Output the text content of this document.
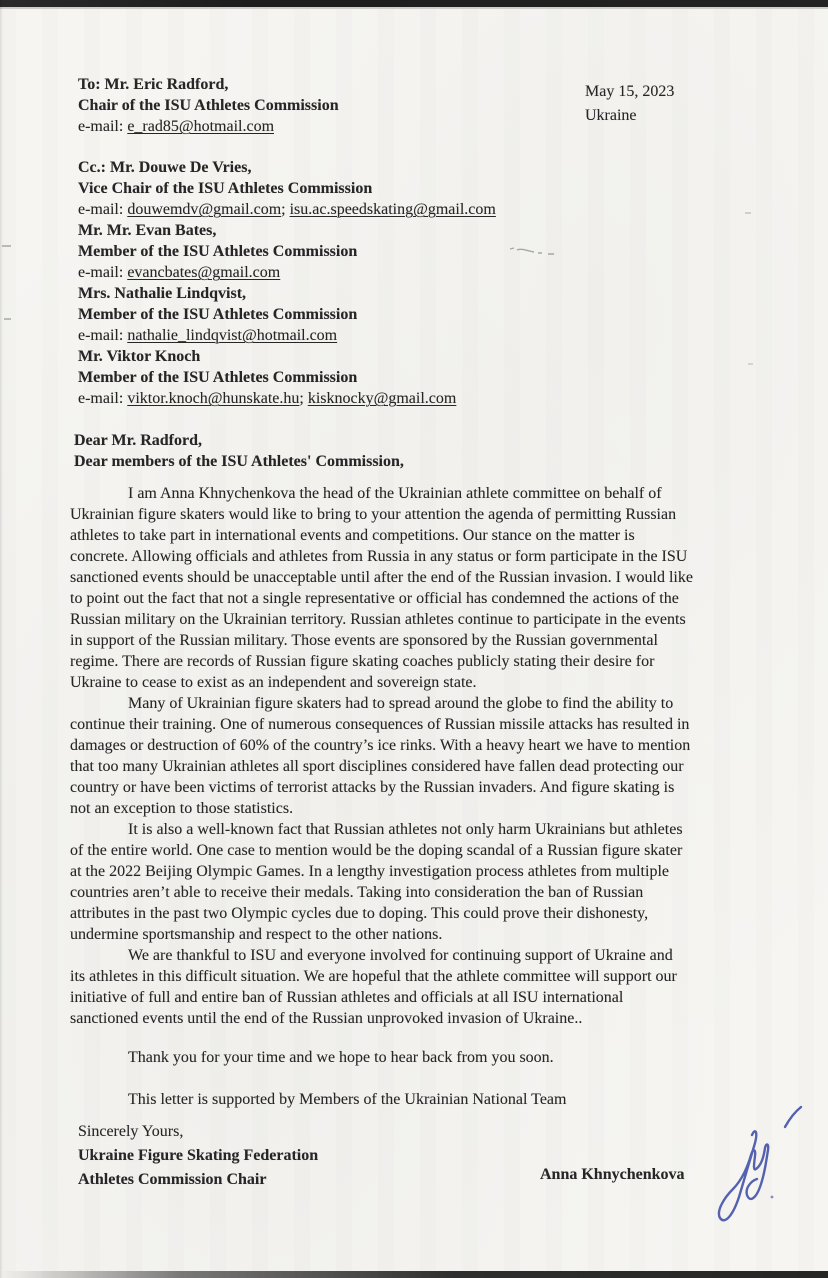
To: Mr. Eric Radford,
Chair of the ISU Athletes Commission
e-mail: e_rad85@hotmail.com
May 15, 2023
Ukraine
Cc.: Mr. Douwe De Vries,
Vice Chair of the ISU Athletes Commission
e-mail: douwemdv@gmail.com; isu.ac.speedskating@gmail.com
Mr. Mr. Evan Bates,
Member of the ISU Athletes Commission
e-mail: evancbates@gmail.com
Mrs. Nathalie Lindqvist,
Member of the ISU Athletes Commission
e-mail: nathalie_lindqvist@hotmail.com
Mr. Viktor Knoch
Member of the ISU Athletes Commission
e-mail: viktor.knoch@hunskate.hu; kisknocky@gmail.com
Dear Mr. Radford,
Dear members of the ISU Athletes' Commission,
I am Anna Khnychenkova the head of the Ukrainian athlete committee on behalf of
Ukrainian figure skaters would like to bring to your attention the agenda of permitting Russian
athletes to take part in international events and competitions. Our stance on the matter is
concrete. Allowing officials and athletes from Russia in any status or form participate in the ISU
sanctioned events should be unacceptable until after the end of the Russian invasion. I would like
to point out the fact that not a single representative or official has condemned the actions of the
Russian military on the Ukrainian territory. Russian athletes continue to participate in the events
in support of the Russian military. Those events are sponsored by the Russian governmental
regime. There are records of Russian figure skating coaches publicly stating their desire for
Ukraine to cease to exist as an independent and sovereign state.
Many of Ukrainian figure skaters had to spread around the globe to find the ability to
continue their training. One of numerous consequences of Russian missile attacks has resulted in
damages or destruction of 60% of the country’s ice rinks. With a heavy heart we have to mention
that too many Ukrainian athletes all sport disciplines considered have fallen dead protecting our
country or have been victims of terrorist attacks by the Russian invaders. And figure skating is
not an exception to those statistics.
It is also a well-known fact that Russian athletes not only harm Ukrainians but athletes
of the entire world. One case to mention would be the doping scandal of a Russian figure skater
at the 2022 Beijing Olympic Games. In a lengthy investigation process athletes from multiple
countries aren’t able to receive their medals. Taking into consideration the ban of Russian
attributes in the past two Olympic cycles due to doping. This could prove their dishonesty,
undermine sportsmanship and respect to the other nations.
We are thankful to ISU and everyone involved for continuing support of Ukraine and
its athletes in this difficult situation. We are hopeful that the athlete committee will support our
initiative of full and entire ban of Russian athletes and officials at all ISU international
sanctioned events until the end of the Russian unprovoked invasion of Ukraine..
Thank you for your time and we hope to hear back from you soon.
This letter is supported by Members of the Ukrainian National Team
Sincerely Yours,
Ukraine Figure Skating Federation
Athletes Commission Chair	Anna Khnychenkova
